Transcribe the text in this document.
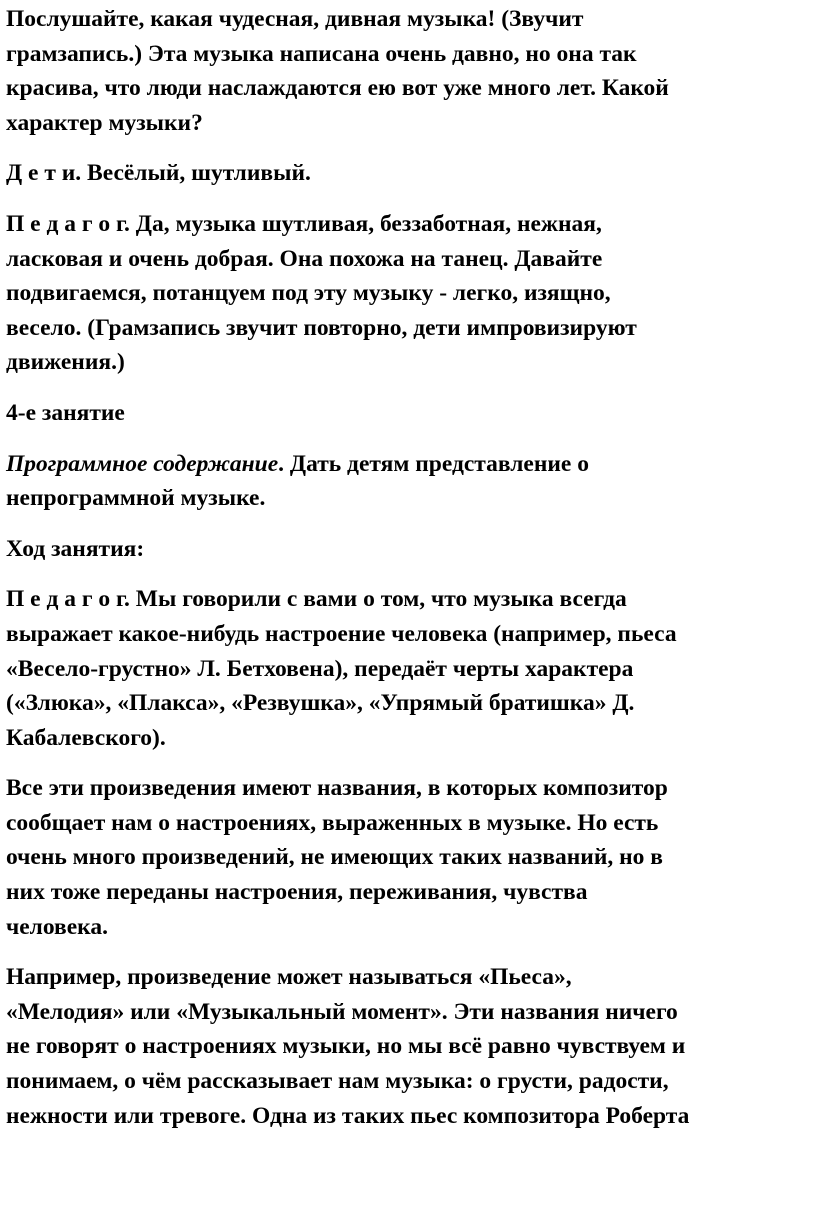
Послушайте, какая чудесная, дивная музыка! (Звучит
грамзапись.) Эта музыка написана очень давно, но она так
красива, что люди наслаждаются ею вот уже много лет. Какой
характер музыки?

Д е т и. Весёлый, шутливый.

П е д а г о г. Да, музыка шутливая, беззаботная, нежная,
ласковая и очень добрая. Она похожа на танец. Давайте
подвигаемся, потанцуем под эту музыку - легко, изящно,
весело. (Грамзапись звучит повторно, дети импровизируют
движения.)

4-е занятие

Программное содержание. Дать детям представление о
непрограммной музыке.

Ход занятия:

П е д а г о г. Мы говорили с вами о том, что музыка всегда
выражает какое-нибудь настроение человека (например, пьеса
«Весело-грустно» Л. Бетховена), передаёт черты характера
(«Злюка», «Плакса», «Резвушка», «Упрямый братишка» Д.
Кабалевского).

Все эти произведения имеют названия, в которых композитор
сообщает нам о настроениях, выраженных в музыке. Но есть
очень много произведений, не имеющих таких названий, но в
них тоже переданы настроения, переживания, чувства
человека.

Например, произведение может называться «Пьеса»,
«Мелодия» или «Музыкальный момент». Эти названия ничего
не говорят о настроениях музыки, но мы всё равно чувствуем и
понимаем, о чём рассказывает нам музыка: о грусти, радости,
нежности или тревоге. Одна из таких пьес композитора Роберта
